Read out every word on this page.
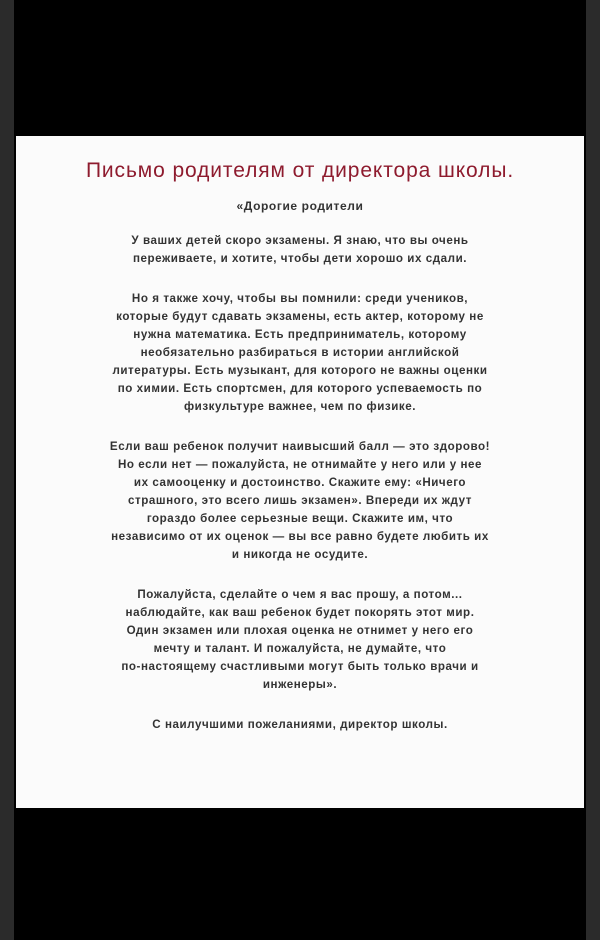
Письмо родителям от директора школы.
«Дорогие родители
У ваших детей скоро экзамены. Я знаю, что вы очень
переживаете, и хотите, чтобы дети хорошо их сдали.
Но я также хочу, чтобы вы помнили: среди учеников,
которые будут сдавать экзамены, есть актер, которому не
нужна математика. Есть предприниматель, которому
необязательно разбираться в истории английской
литературы. Есть музыкант, для которого не важны оценки
по химии. Есть спортсмен, для которого успеваемость по
физкультуре важнее, чем по физике.
Если ваш ребенок получит наивысший балл — это здорово!
Но если нет — пожалуйста, не отнимайте у него или у нее
их самооценку и достоинство. Скажите ему: «Ничего
страшного, это всего лишь экзамен». Впереди их ждут
гораздо более серьезные вещи. Скажите им, что
независимо от их оценок — вы все равно будете любить их
и никогда не осудите.
Пожалуйста, сделайте о чем я вас прошу, а потом...
наблюдайте, как ваш ребенок будет покорять этот мир.
Один экзамен или плохая оценка не отнимет у него его
мечту и талант. И пожалуйста, не думайте, что
по-настоящему счастливыми могут быть только врачи и
инженеры».
С наилучшими пожеланиями, директор школы.
